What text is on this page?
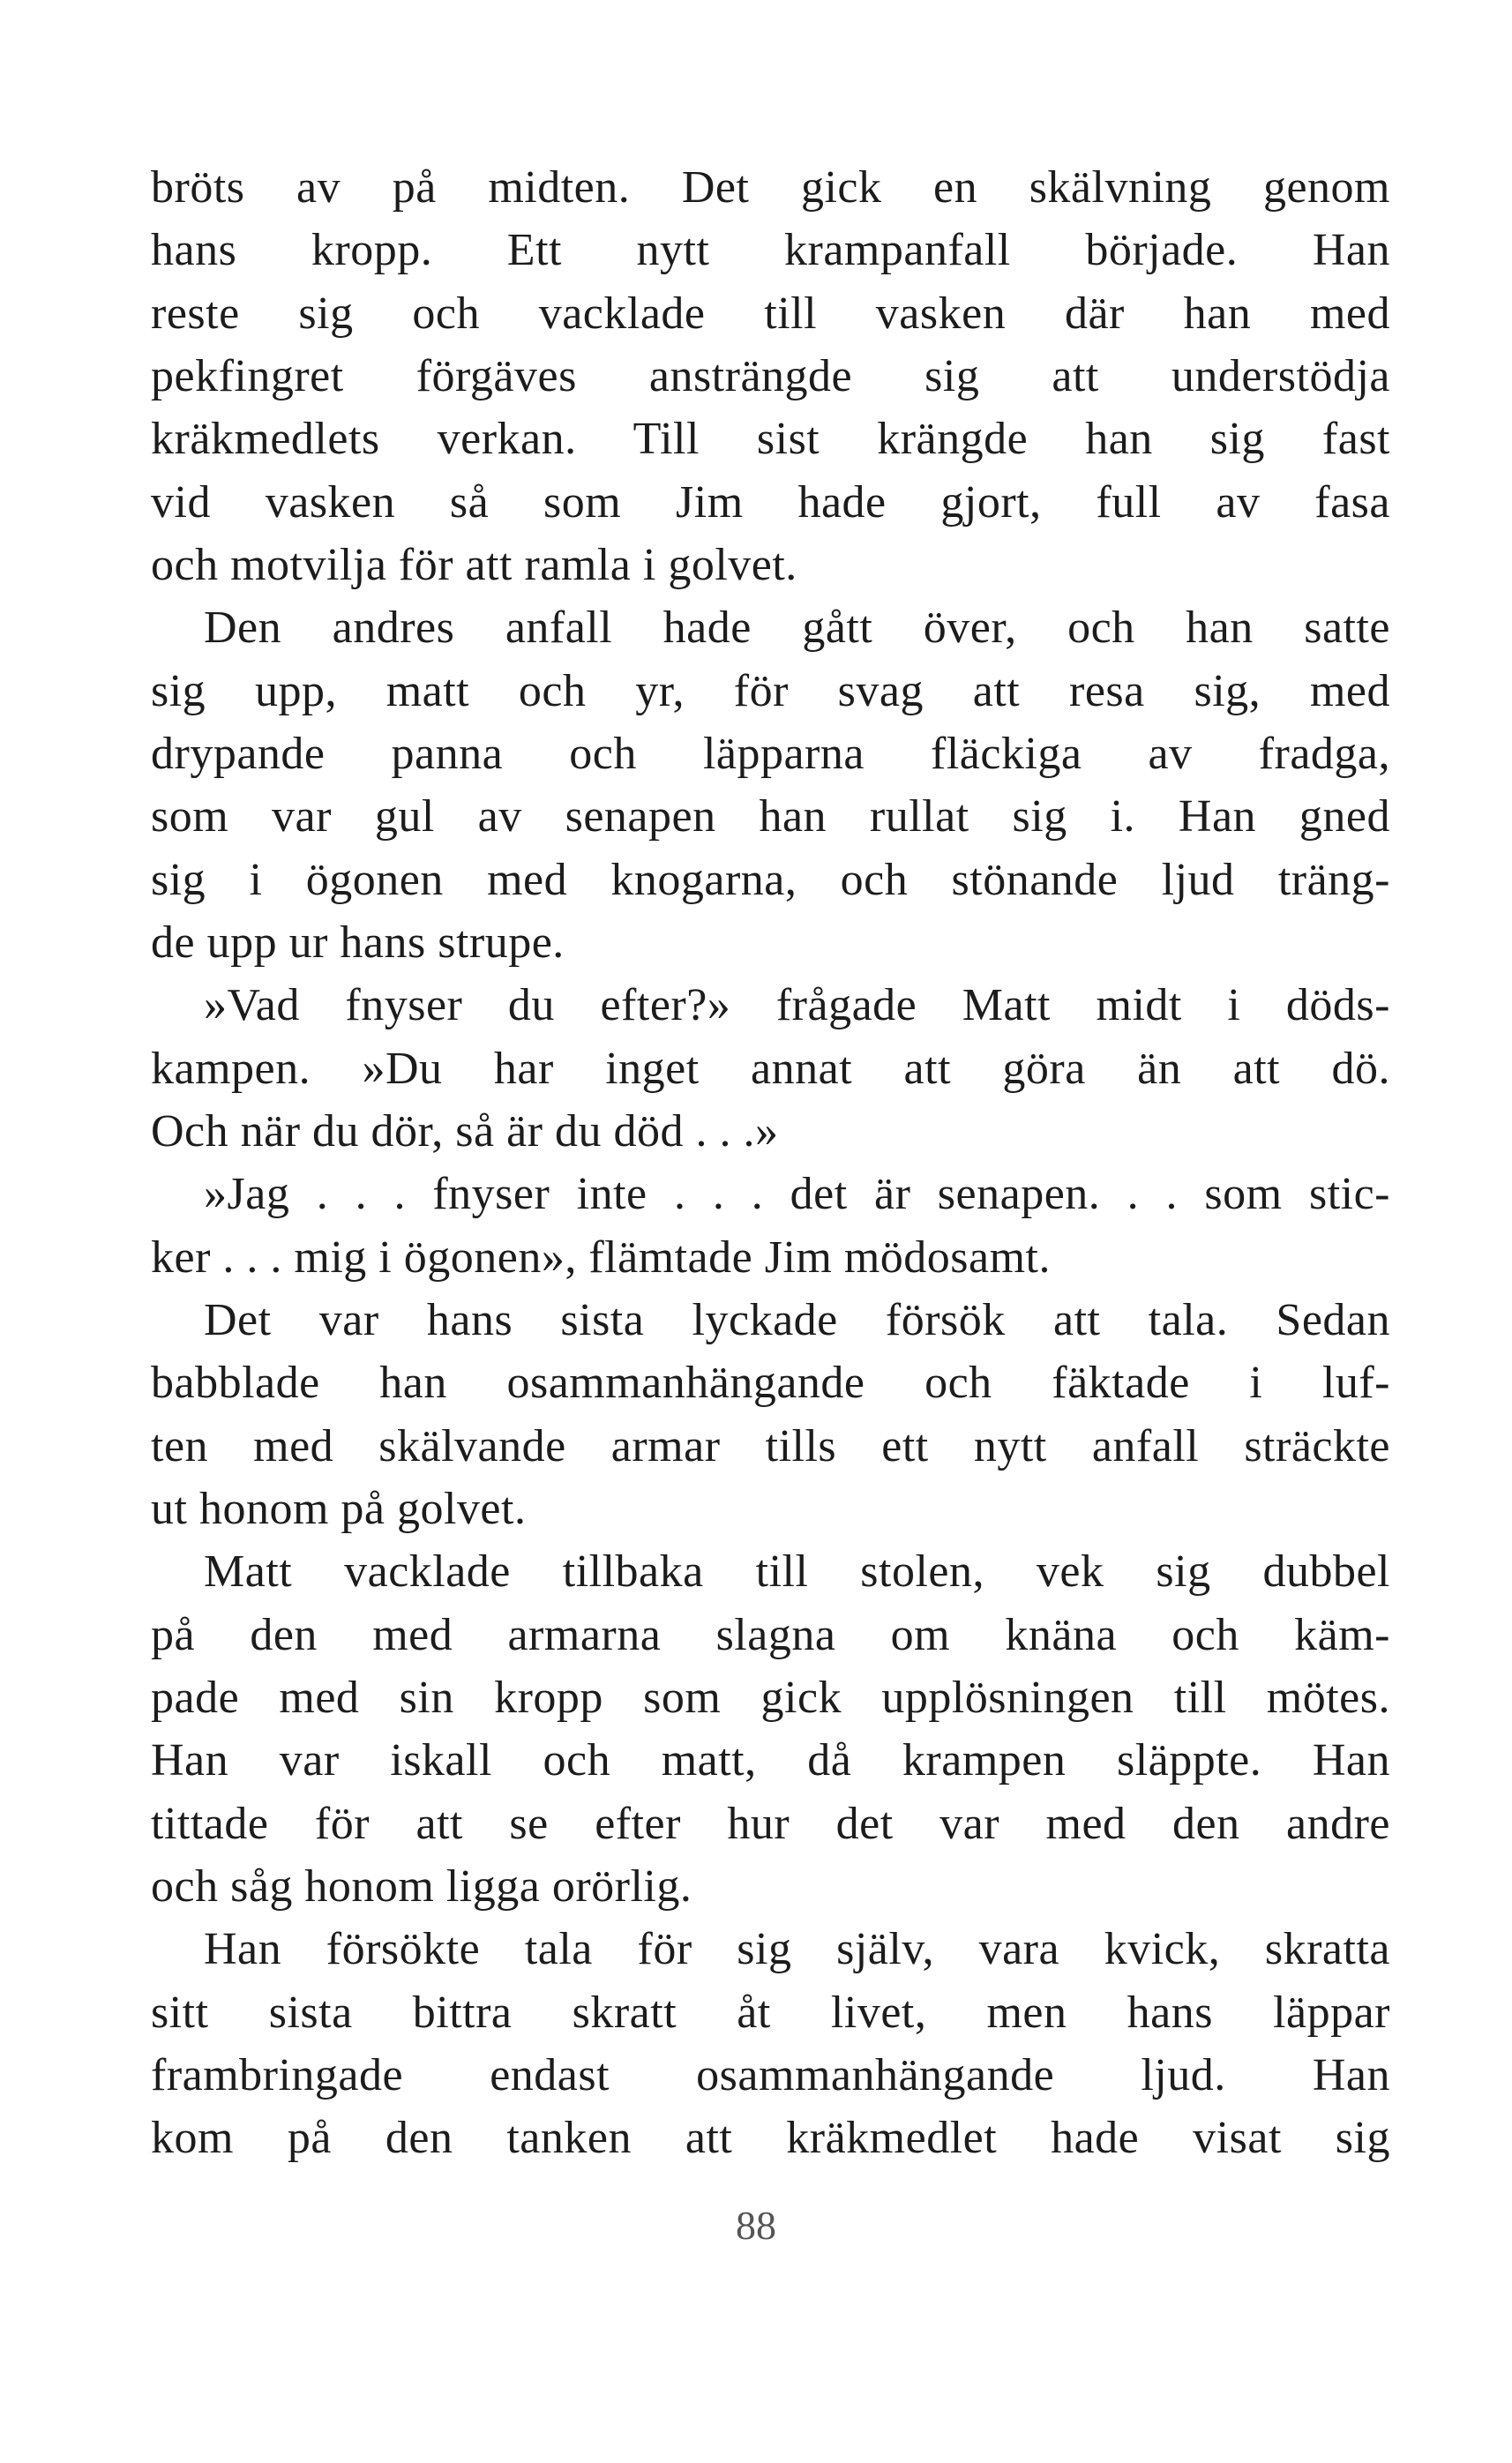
bröts av på midten. Det gick en skälvning genom
hans kropp. Ett nytt krampanfall började. Han
reste sig och vacklade till vasken där han med
pekfingret förgäves ansträngde sig att understödja
kräkmedlets verkan. Till sist krängde han sig fast
vid vasken så som Jim hade gjort, full av fasa
och motvilja för att ramla i golvet.
Den andres anfall hade gått över, och han satte
sig upp, matt och yr, för svag att resa sig, med
drypande panna och läpparna fläckiga av fradga,
som var gul av senapen han rullat sig i. Han gned
sig i ögonen med knogarna, och stönande ljud träng-
de upp ur hans strupe.
»Vad fnyser du efter?» frågade Matt midt i döds-
kampen. »Du har inget annat att göra än att dö.
Och när du dör, så är du död . . .»
»Jag . . . fnyser inte . . . det är senapen. . . som stic-
ker . . . mig i ögonen», flämtade Jim mödosamt.
Det var hans sista lyckade försök att tala. Sedan
babblade han osammanhängande och fäktade i luf-
ten med skälvande armar tills ett nytt anfall sträckte
ut honom på golvet.
Matt vacklade tillbaka till stolen, vek sig dubbel
på den med armarna slagna om knäna och käm-
pade med sin kropp som gick upplösningen till mötes.
Han var iskall och matt, då krampen släppte. Han
tittade för att se efter hur det var med den andre
och såg honom ligga orörlig.
Han försökte tala för sig själv, vara kvick, skratta
sitt sista bittra skratt åt livet, men hans läppar
frambringade endast osammanhängande ljud. Han
kom på den tanken att kräkmedlet hade visat sig
88
